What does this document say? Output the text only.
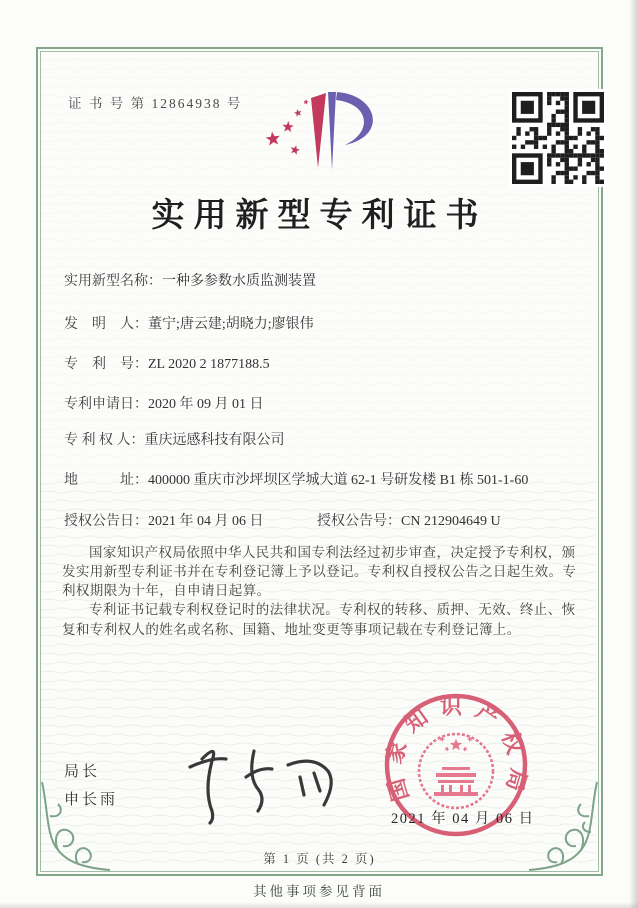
证 书 号 第 12864938 号
实用新型专利证书
实用新型名称： 一种多参数水质监测装置
发　明　人： 董宁;唐云建;胡晓力;廖银伟
专　利　号： ZL 2020 2 1877188.5
专利申请日： 2020 年 09 月 01 日
专 利 权 人： 重庆远感科技有限公司
地　　　址： 400000 重庆市沙坪坝区学城大道 62-1 号研发楼 B1 栋 501-1-60
授权公告日： 2021 年 04 月 06 日	授权公告号： CN 212904649 U

国家知识产权局依照中华人民共和国专利法经过初步审查，决定授予专利权，颁发实用新型专利证书并在专利登记簿上予以登记。专利权自授权公告之日起生效。专利权期限为十年，自申请日起算。

专利证书记载专利权登记时的法律状况。专利权的转移、质押、无效、终止、恢复和专利权人的姓名或名称、国籍、地址变更等事项记载在专利登记簿上。

局长
申长雨	国家知识产权局
2021 年 04 月 06 日
第 1 页 (共 2 页)
其他事项参见背面
